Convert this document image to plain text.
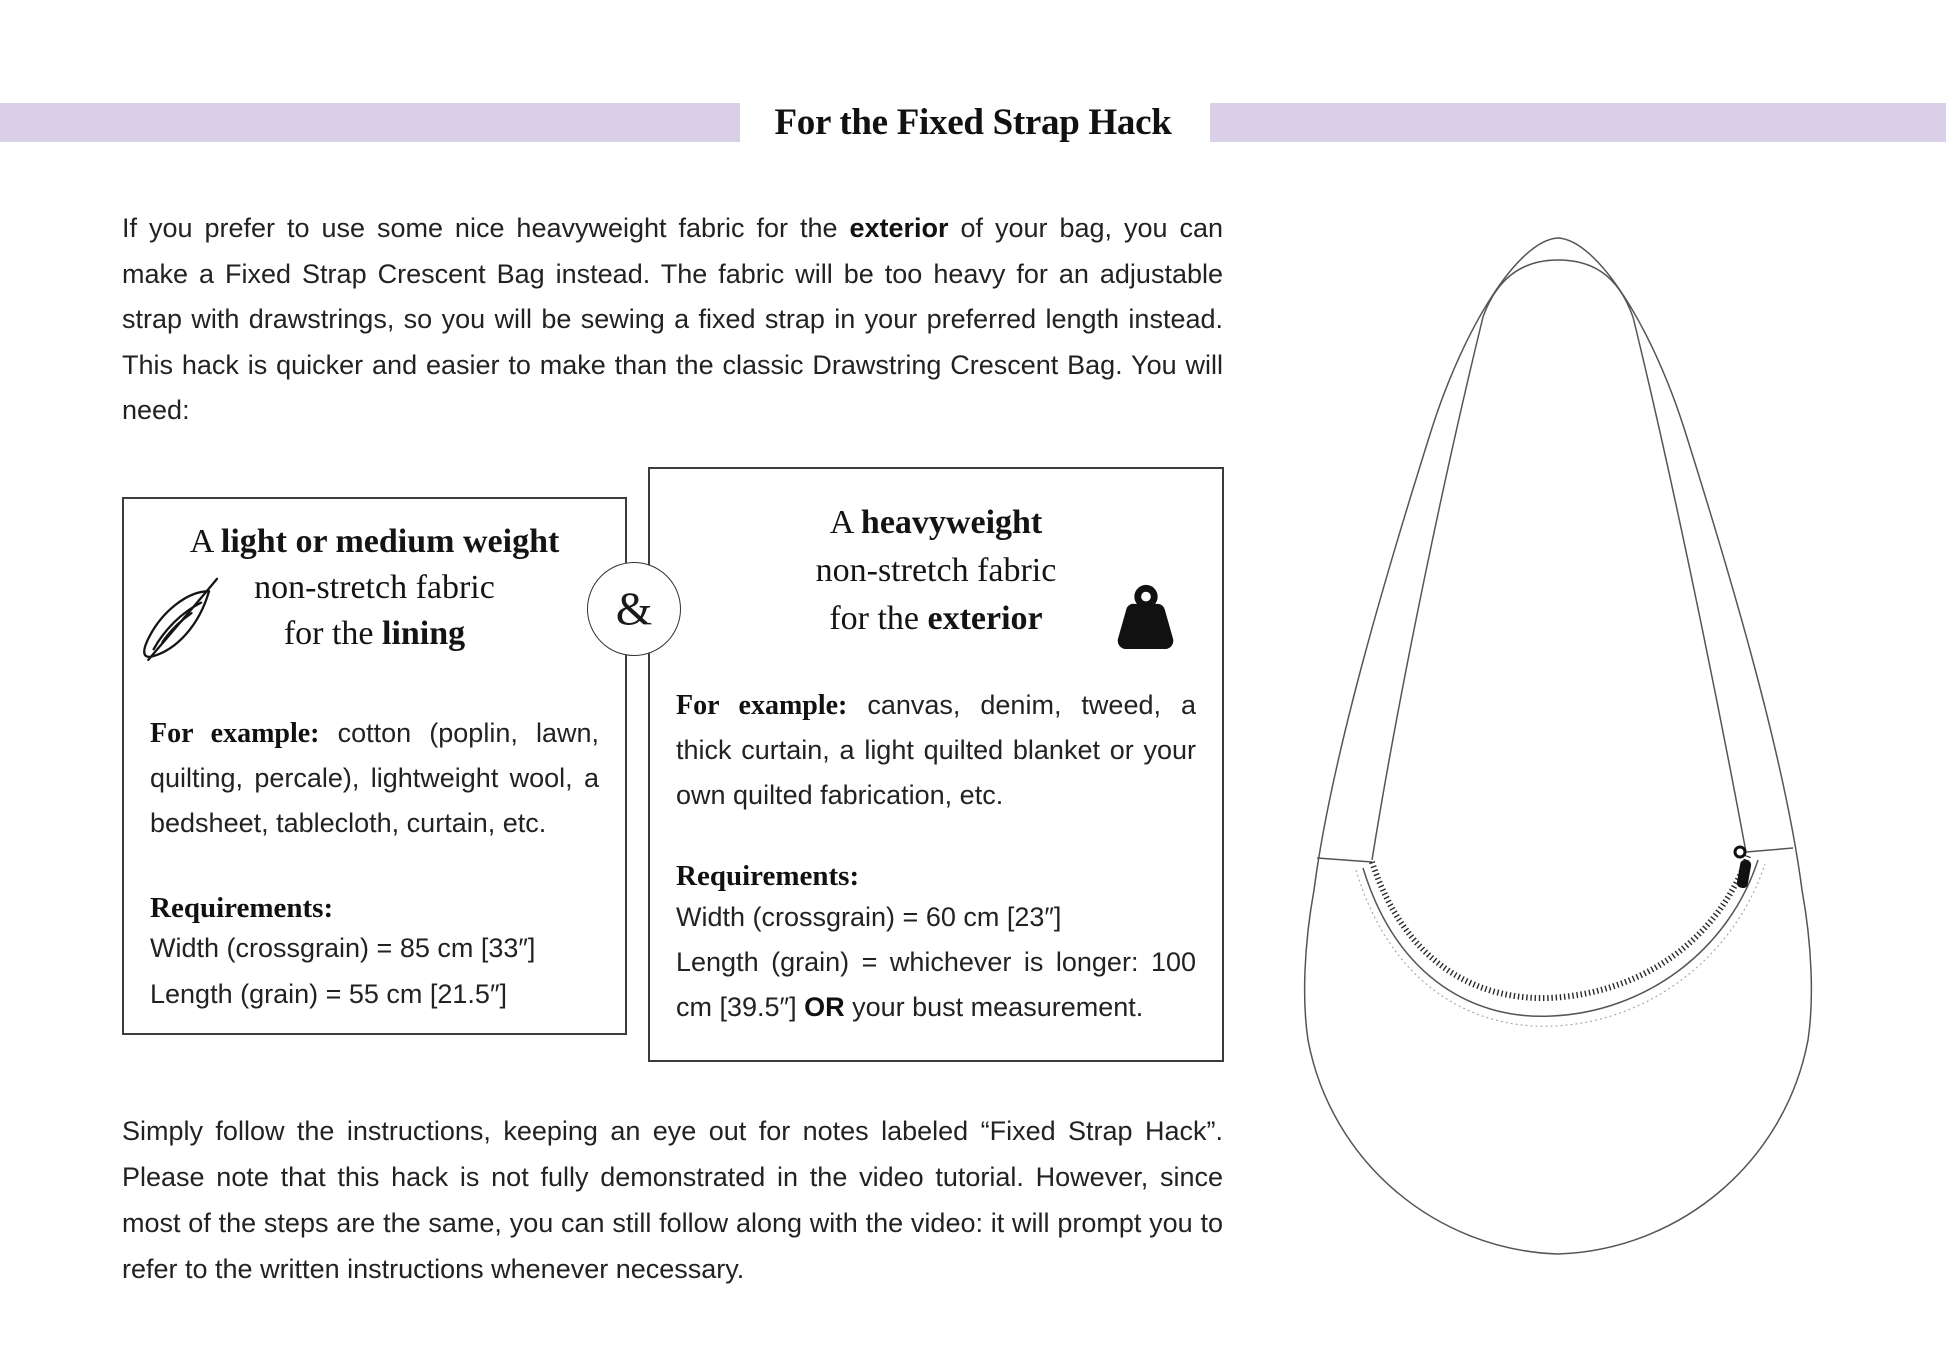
For the Fixed Strap Hack

If you prefer to use some nice heavyweight fabric for the exterior of your bag, you can make a Fixed Strap Crescent Bag instead. The fabric will be too heavy for an adjustable strap with drawstrings, so you will be sewing a fixed strap in your preferred length instead. This hack is quicker and easier to make than the classic Drawstring Crescent Bag. You will need:

A light or medium weight
non-stretch fabric
for the lining
For example: cotton (poplin, lawn, quilting, percale), lightweight wool, a bedsheet, tablecloth, curtain, etc.
Requirements:
Width (crossgrain) = 85 cm [33″]
Length (grain) = 55 cm [21.5″]
&
A heavyweight
non-stretch fabric
for the exterior
For example: canvas, denim, tweed, a thick curtain, a light quilted blanket or your own quilted fabrication, etc.
Requirements:
Width (crossgrain) = 60 cm [23″]
Length (grain) = whichever is longer: 100 cm [39.5″] OR your bust measurement.

Simply follow the instructions, keeping an eye out for notes labeled “Fixed Strap Hack”. Please note that this hack is not fully demonstrated in the video tutorial. However, since most of the steps are the same, you can still follow along with the video: it will prompt you to refer to the written instructions whenever necessary.
